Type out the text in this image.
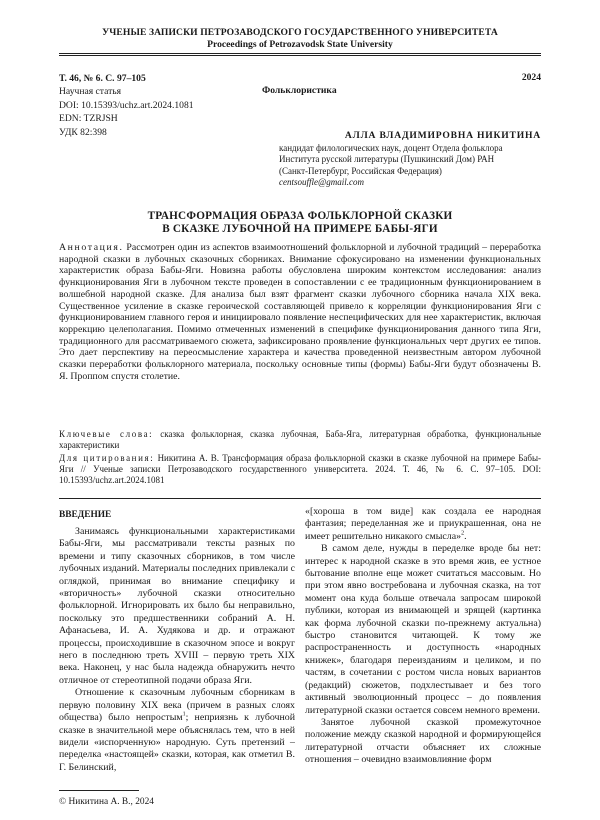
УЧЕНЫЕ ЗАПИСКИ ПЕТРОЗАВОДСКОГО ГОСУДАРСТВЕННОГО УНИВЕРСИТЕТА
Proceedings of Petrozavodsk State University
Т. 46, № 6. С. 97–105
Научная статья
DOI: 10.15393/uchz.art.2024.1081
EDN: TZRJSH
УДК 82:398
2024
Фольклористика
АЛЛА ВЛАДИМИРОВНА НИКИТИНА
кандидат филологических наук, доцент Отдела фольклора
Института русской литературы (Пушкинский Дом) РАН
(Санкт-Петербург, Российская Федерация)
centsouffle@gmail.com
ТРАНСФОРМАЦИЯ ОБРАЗА ФОЛЬКЛОРНОЙ СКАЗКИ
В СКАЗКЕ ЛУБОЧНОЙ НА ПРИМЕРЕ БАБЫ-ЯГИ
Аннотация. Рассмотрен один из аспектов взаимоотношений фольклорной и лубочной традиций – переработка народной сказки в лубочных сказочных сборниках. Внимание сфокусировано на изменении функциональных характеристик образа Бабы-Яги. Новизна работы обусловлена широким контекстом исследования: анализ функционирования Яги в лубочном тексте проведен в сопоставлении с ее традиционным функционированием в волшебной народной сказке. Для анализа был взят фрагмент сказки лубочного сборника начала XIX века. Существенное усиление в сказке героической составляющей привело к корреляции функционирования Яги с функционированием главного героя и инициировало появление неспецифических для нее характеристик, включая коррекцию целеполагания. Помимо отмеченных изменений в специфике функционирования данного типа Яги, традиционного для рассматриваемого сюжета, зафиксировано проявление функциональных черт других ее типов. Это дает перспективу на переосмысление характера и качества проведенной неизвестным автором лубочной сказки переработки фольклорного материала, поскольку основные типы (формы) Бабы-Яги будут обозначены В. Я. Проппом спустя столетие.
Ключевые слова: сказка фольклорная, сказка лубочная, Баба-Яга, литературная обработка, функциональные характеристики
Для цитирования: Никитина А. В. Трансформация образа фольклорной сказки в сказке лубочной на примере Бабы-Яги // Ученые записки Петрозаводского государственного университета. 2024. Т. 46, № 6. С. 97–105. DOI: 10.15393/uchz.art.2024.1081
ВВЕДЕНИЕ

Занимаясь функциональными характеристиками Бабы-Яги, мы рассматривали тексты разных по времени и типу сказочных сборников, в том числе лубочных изданий. Материалы последних привлекали с оглядкой, принимая во внимание специфику и «вторичность» лубочной сказки относительно фольклорной. Игнорировать их было бы неправильно, поскольку это предшественники собраний А. Н. Афанасьева, И. А. Худякова и др. и отражают процессы, происходившие в сказочном эпосе и вокруг него в последнюю треть XVIII – первую треть XIX века. Наконец, у нас была надежда обнаружить нечто отличное от стереотипной подачи образа Яги.

Отношение к сказочным лубочным сборникам в первую половину XIX века (причем в разных слоях общества) было непростым$^1$; неприязнь к лубочной сказке в значительной мере объяснялась тем, что в ней видели «испорченную» народную. Суть претензий – переделка «настоящей» сказки, которая, как отметил В. Г. Белинский,

«[хороша в том виде] как создала ее народная фантазия; переделанная же и приукрашенная, она не имеет решительно никакого смысла»$^2$.

В самом деле, нужды в переделке вроде бы нет: интерес к народной сказке в это время жив, ее устное бытование вполне еще может считаться массовым. Но при этом явно востребована и лубочная сказка, на тот момент она куда больше отвечала запросам широкой публики, которая из внимающей и зрящей (картинка как форма лубочной сказки по-прежнему актуальна) быстро становится читающей. К тому же распространенность и доступность «народных книжек», благодаря переизданиям и целиком, и по частям, в сочетании с ростом числа новых вариантов (редакций) сюжетов, подхлестывает и без того активный эволюционный процесс – до появления литературной сказки остается совсем немного времени.

Занятое лубочной сказкой промежуточное положение между сказкой народной и формирующейся литературной отчасти объясняет их сложные отношения – очевидно взаимовлияние форм

© Никитина А. В., 2024
